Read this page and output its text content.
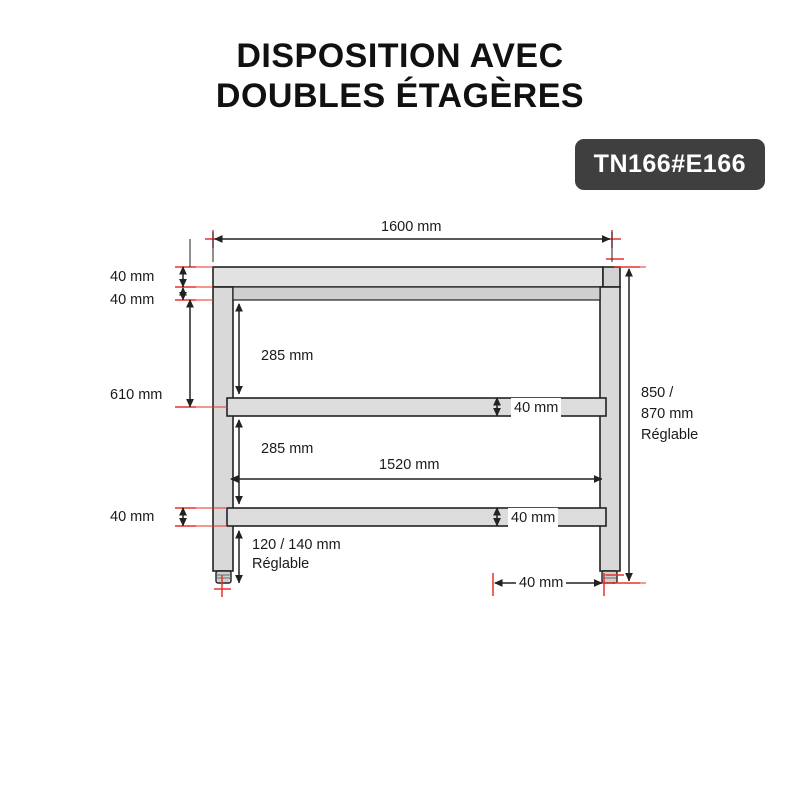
DISPOSITION AVEC
DOUBLES ÉTAGÈRES
TN166#E166
1600 mm
40 mm
40 mm
610 mm
40 mm
285 mm
285 mm
1520 mm
40 mm
40 mm
120 / 140 mm
Réglable
850 /
870 mm
Réglable
40 mm
